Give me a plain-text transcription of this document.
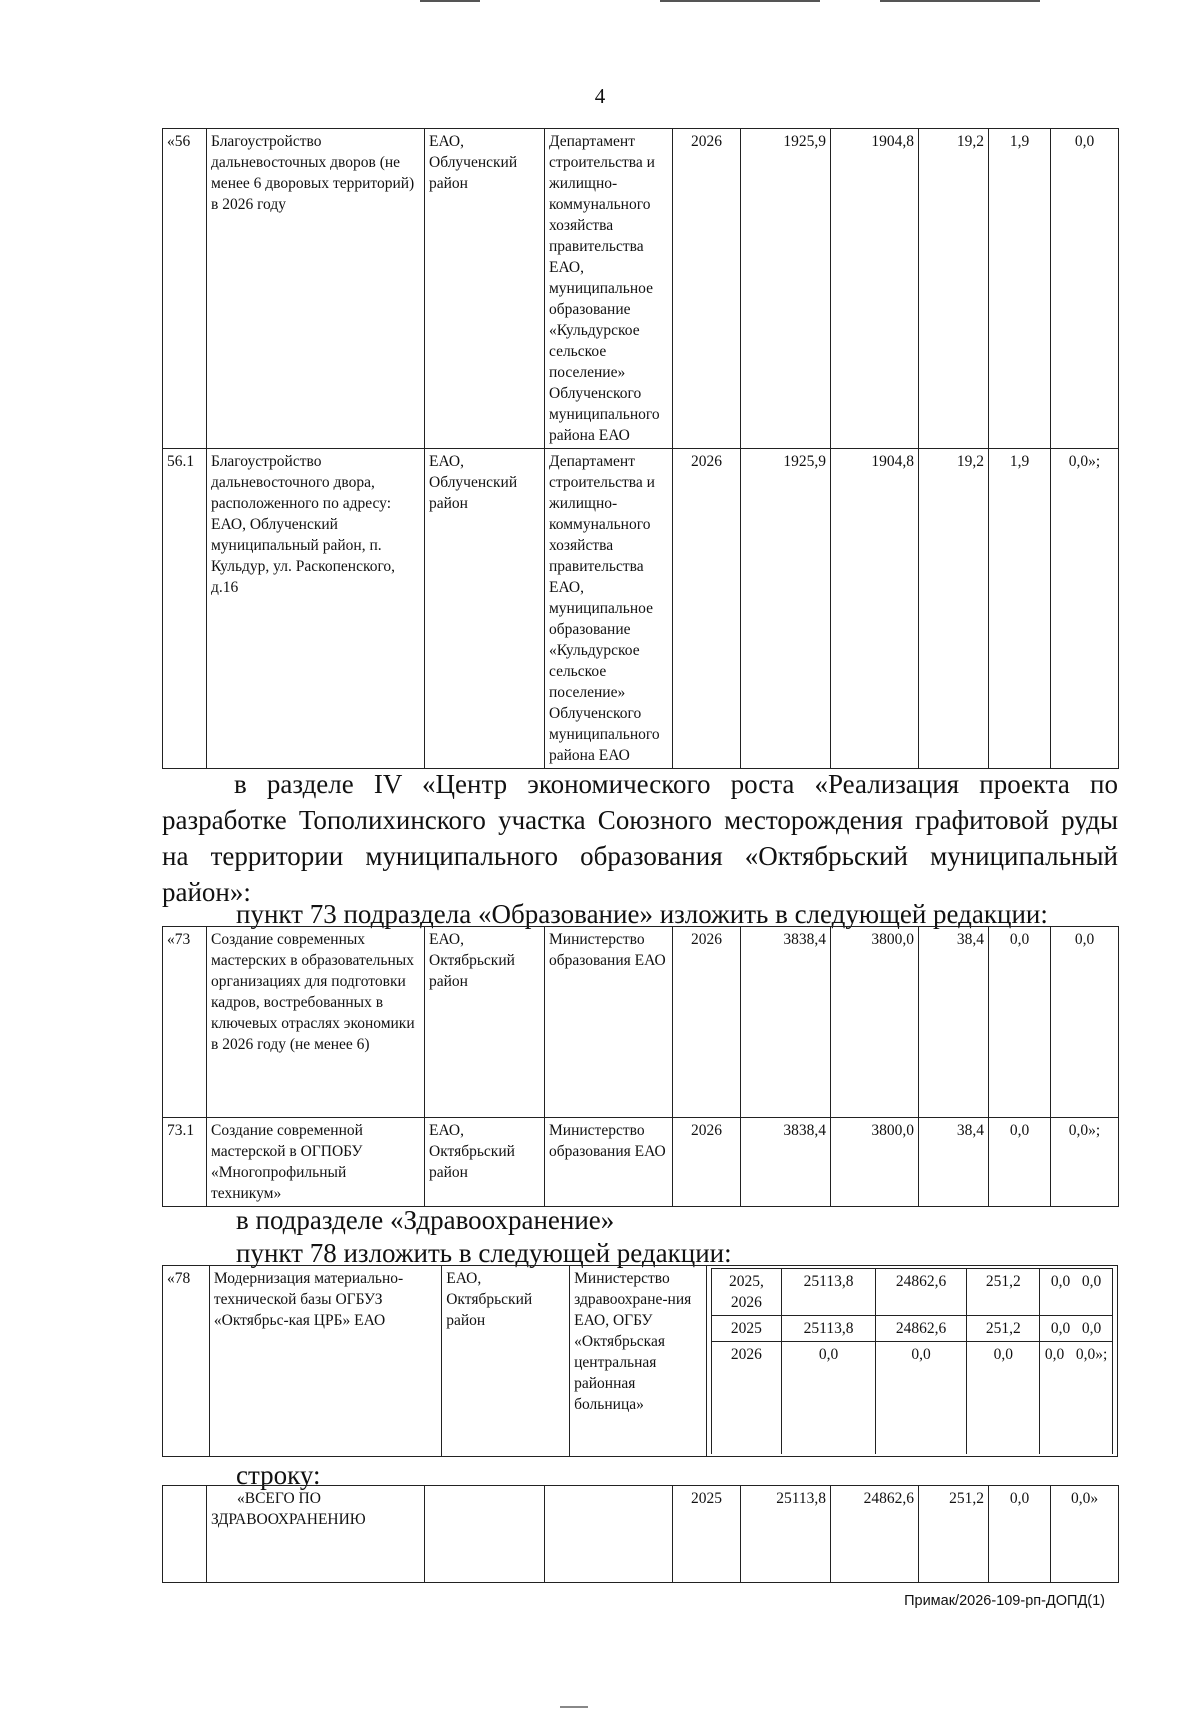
4
«56	Благоустройство дальневосточных дворов (не менее 6 дворовых территорий) в 2026 году	ЕАО, Облученский район	Департамент строительства и жилищно-коммунального хозяйства правительства ЕАО, муниципальное образование «Кульдурское сельское поселение» Облученского муниципального района ЕАО	2026	1925,9	1904,8	19,2	1,9	0,0
56.1	Благоустройство дальневосточного двора, расположенного по адресу: ЕАО, Облученский муниципальный район, п. Кульдур, ул. Раскопенского, д.16	ЕАО, Облученский район	Департамент строительства и жилищно-коммунального хозяйства правительства ЕАО, муниципальное образование «Кульдурское сельское поселение» Облученского муниципального района ЕАО	2026	1925,9	1904,8	19,2	1,9	0,0»;
в разделе IV «Центр экономического роста «Реализация проекта по разработке Тополихинского участка Союзного месторождения графитовой руды на территории муниципального образования «Октябрьский муниципальный район»:
пункт 73 подраздела «Образование» изложить в следующей редакции:
«73	Создание современных мастерских в образовательных организациях для подготовки кадров, востребованных в ключевых отраслях экономики в 2026 году (не менее 6)	ЕАО, Октябрьский район	Министерство образования ЕАО	2026	3838,4	3800,0	38,4	0,0	0,0
73.1	Создание современной мастерской в ОГПОБУ «Многопрофильный техникум»	ЕАО, Октябрьский район	Министерство образования ЕАО	2026	3838,4	3800,0	38,4	0,0	0,0»;
в подразделе «Здравоохранение»
пункт 78 изложить в следующей редакции:
«78	Модернизация материально-технической базы ОГБУЗ «Октябрьс-кая ЦРБ» ЕАО	ЕАО, Октябрьский район	Министерство здравоохране-ния ЕАО, ОГБУ «Октябрьская центральная районная больница»	
2025, 2026	25113,8	24862,6	251,2	0,0 0,0
2025	25113,8	24862,6	251,2	0,0 0,0
2026	0,0	0,0	0,0	0,0 0,0»;
строку:
	«ВСЕГО ПО ЗДРАВООХРАНЕНИЮ			2025	25113,8	24862,6	251,2	0,0	0,0»
Примак/2026-109-рп-ДОПД(1)
